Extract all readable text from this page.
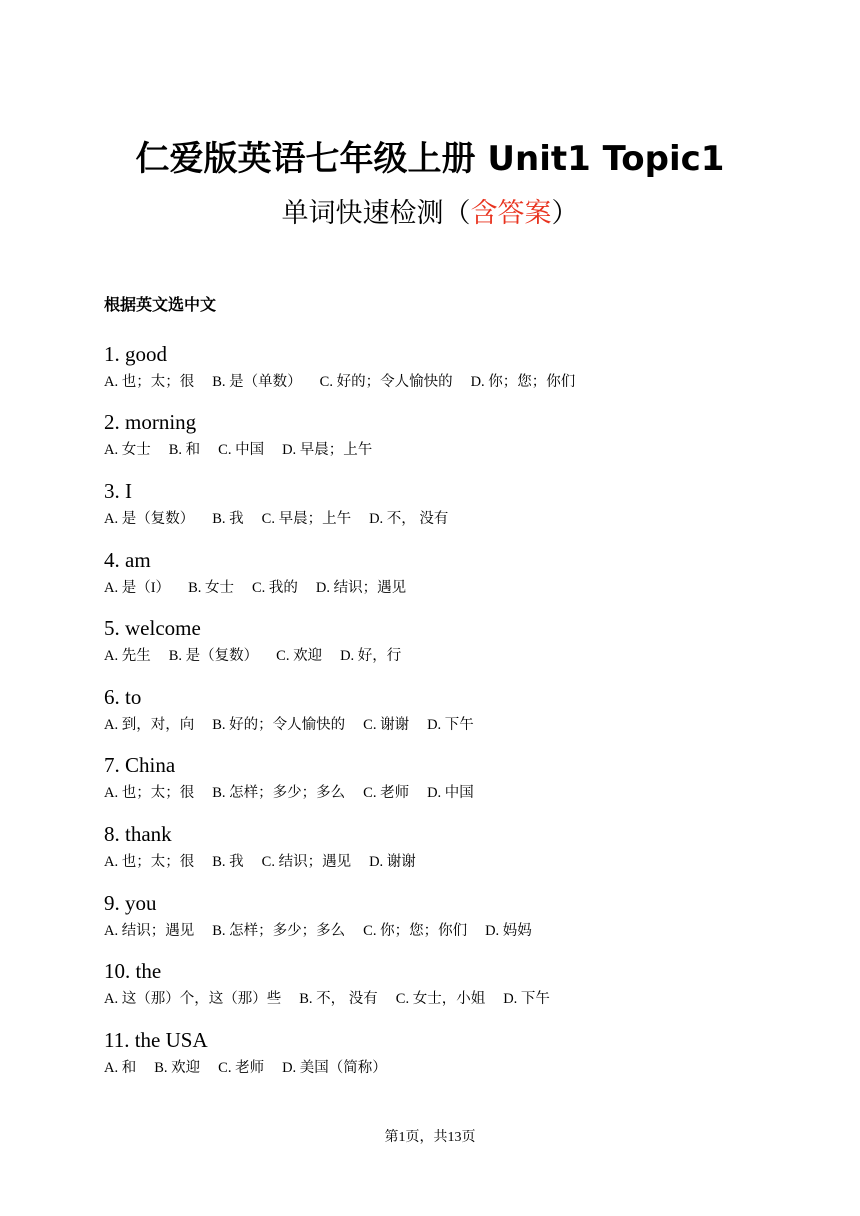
仁爱版英语七年级上册 Unit1 Topic1
单词快速检测（含答案）
根据英文选中文
1. good
A. 也；太；很 B. 是（单数） C. 好的；令人愉快的 D. 你；您；你们
2. morning
A. 女士 B. 和 C. 中国 D. 早晨；上午
3. I
A. 是（复数） B. 我 C. 早晨；上午 D. 不， 没有
4. am
A. 是（I） B. 女士 C. 我的 D. 结识；遇见
5. welcome
A. 先生 B. 是（复数） C. 欢迎 D. 好，行
6. to
A. 到，对，向 B. 好的；令人愉快的 C. 谢谢 D. 下午
7. China
A. 也；太；很 B. 怎样；多少；多么 C. 老师 D. 中国
8. thank
A. 也；太；很 B. 我 C. 结识；遇见 D. 谢谢
9. you
A. 结识；遇见 B. 怎样；多少；多么 C. 你；您；你们 D. 妈妈
10. the
A. 这（那）个，这（那）些 B. 不， 没有 C. 女士，小姐 D. 下午
11. the USA
A. 和 B. 欢迎 C. 老师 D. 美国（简称）
第1页，共13页
